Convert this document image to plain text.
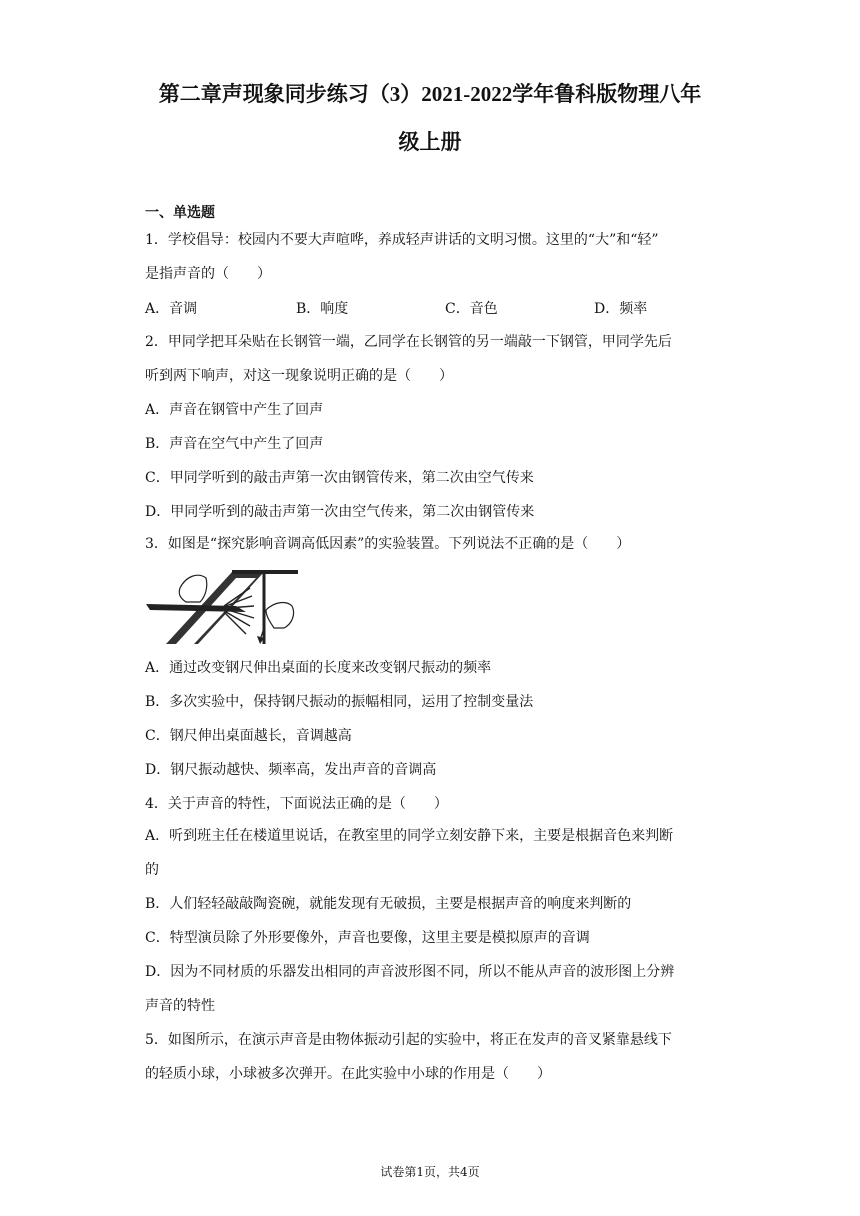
第二章声现象同步练习（3）2021-2022学年鲁科版物理八年
级上册
一、单选题
1．学校倡导：校园内不要大声喧哗，养成轻声讲话的文明习惯。这里的“大”和“轻”
是指声音的（　　）
A．音调	B．响度	C．音色	D．频率
2．甲同学把耳朵贴在长钢管一端，乙同学在长钢管的另一端敲一下钢管，甲同学先后
听到两下响声，对这一现象说明正确的是（　　）
A．声音在钢管中产生了回声
B．声音在空气中产生了回声
C．甲同学听到的敲击声第一次由钢管传来，第二次由空气传来
D．甲同学听到的敲击声第一次由空气传来，第二次由钢管传来
3．如图是“探究影响音调高低因素”的实验装置。下列说法不正确的是（　　）
A．通过改变钢尺伸出桌面的长度来改变钢尺振动的频率
B．多次实验中，保持钢尺振动的振幅相同，运用了控制变量法
C．钢尺伸出桌面越长，音调越高
D．钢尺振动越快、频率高，发出声音的音调高
4．关于声音的特性，下面说法正确的是（　　）
A．听到班主任在楼道里说话，在教室里的同学立刻安静下来，主要是根据音色来判断
的
B．人们轻轻敲敲陶瓷碗，就能发现有无破损，主要是根据声音的响度来判断的
C．特型演员除了外形要像外，声音也要像，这里主要是模拟原声的音调
D．因为不同材质的乐器发出相同的声音波形图不同，所以不能从声音的波形图上分辨
声音的特性
5．如图所示，在演示声音是由物体振动引起的实验中，将正在发声的音叉紧靠悬线下
的轻质小球，小球被多次弹开。在此实验中小球的作用是（　　）
试卷第1页，共4页
